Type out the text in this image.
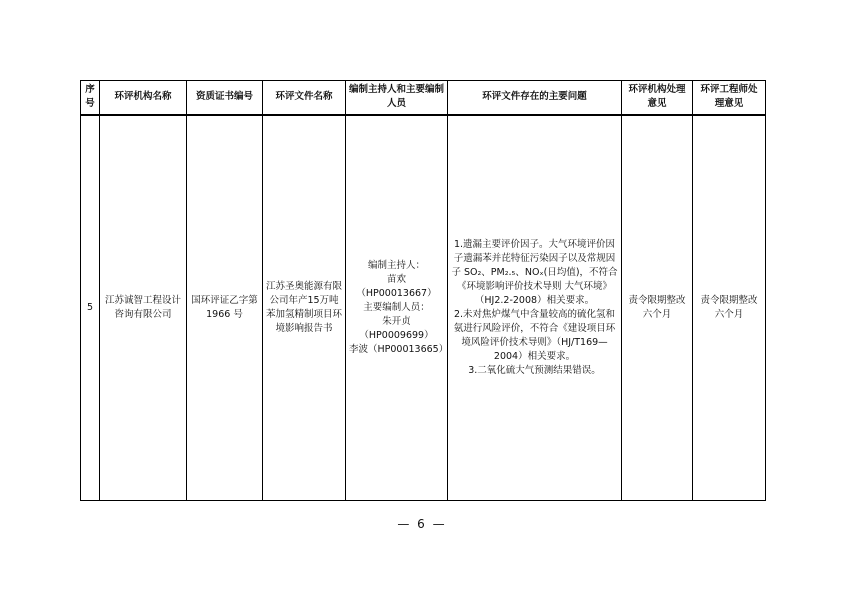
序号	环评机构名称	资质证书编号	环评文件名称	编制主持人和主要编制人员	环评文件存在的主要问题	环评机构处理意见	环评工程师处理意见
5	江苏诚智工程设计咨询有限公司	国环评证乙字第 1966 号	江苏圣奥能源有限公司年产15万吨苯加氢精制项目环境影响报告书	编制主持人：
苗欢（HP00013667）
主要编制人员：
朱开贞（HP0009699）
李波（HP00013665）	1.遗漏主要评价因子。大气环境评价因子遗漏苯并芘特征污染因子以及常规因子 SO₂、PM₂.₅、NOₓ(日均值)，不符合《环境影响评价技术导则 大气环境》（HJ2.2-2008）相关要求。
2.未对焦炉煤气中含量较高的硫化氢和氨进行风险评价，不符合《建设项目环境风险评价技术导则》（HJ/T169—2004）相关要求。
3.二氧化硫大气预测结果错误。	责令限期整改六个月	责令限期整改六个月
— 6 —
